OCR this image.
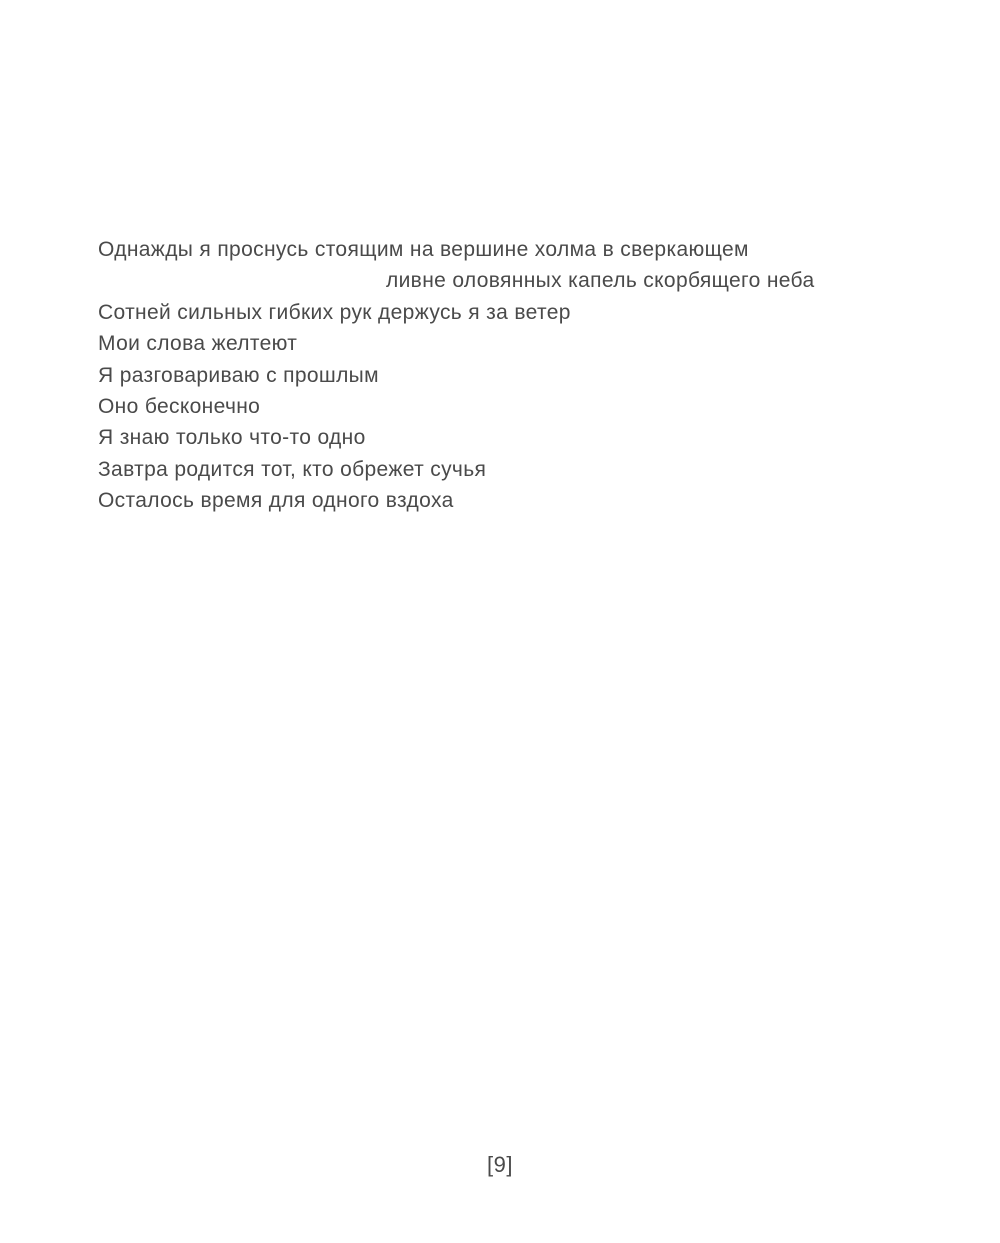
Однажды я проснусь стоящим на вершине холма в сверкающем
ливне оловянных капель скорбящего неба
Сотней сильных гибких рук держусь я за ветер
Мои слова желтеют
Я разговариваю с прошлым
Оно бесконечно
Я знаю только что-то одно
Завтра родится тот, кто обрежет сучья
Осталось время для одного вздоха
[9]
